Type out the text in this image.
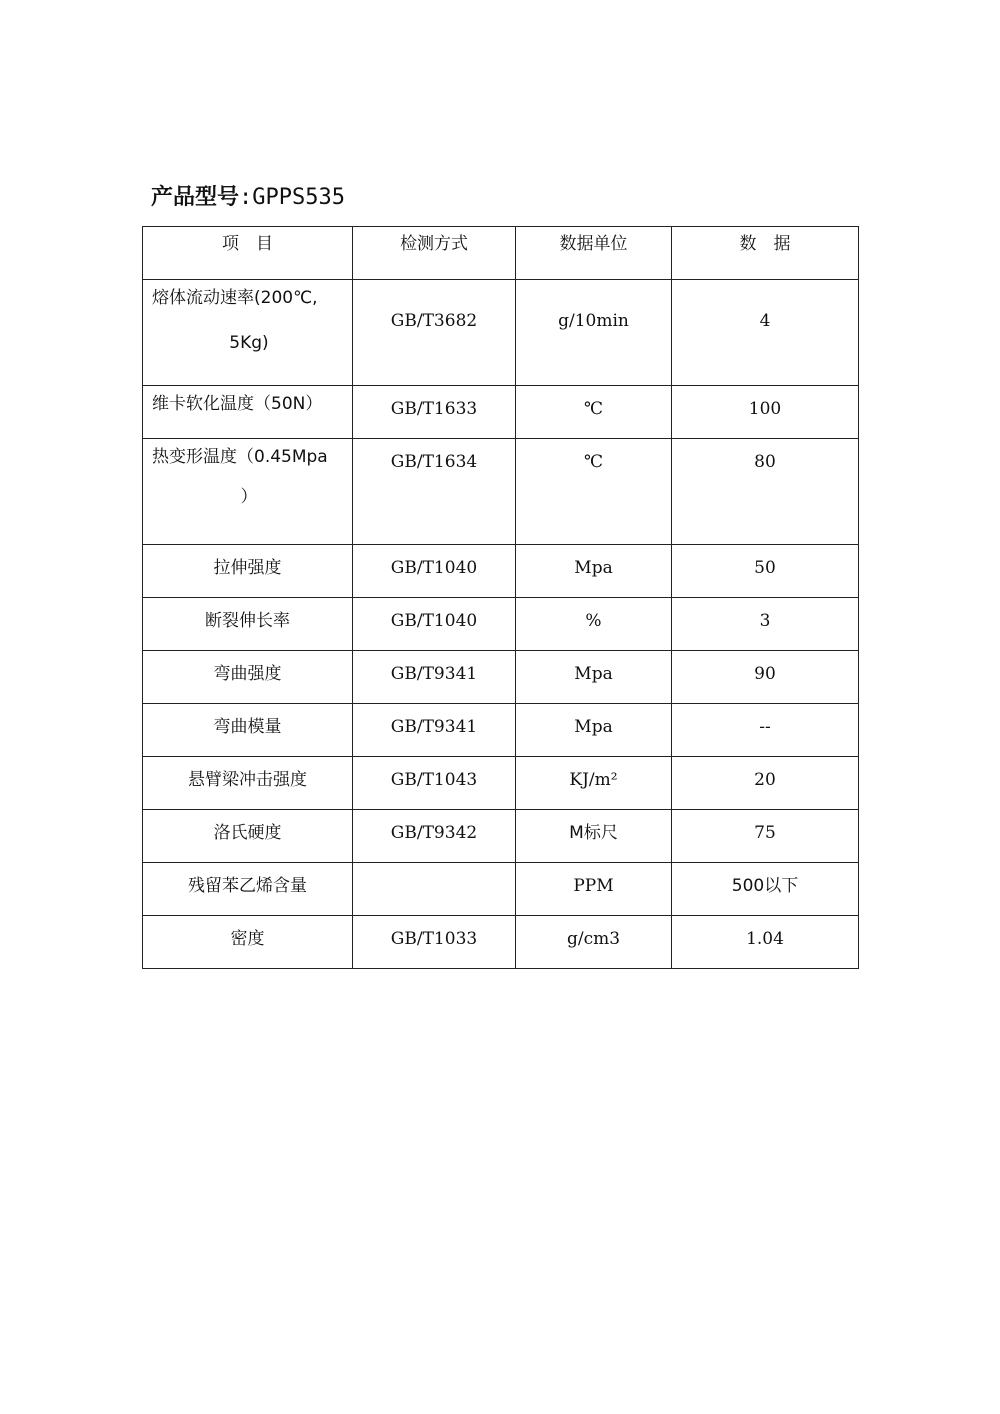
产品型号:GPPS535
项　目	检测方式	数据单位	数　据

熔体流动速率(200℃,
5Kg)	GB/T3682	g/10min	4

维卡软化温度（50N）	GB/T1633	℃	100

热变形温度（0.45Mpa
）	GB/T1634	℃	80

拉伸强度	GB/T1040	Mpa	50

断裂伸长率	GB/T1040	%	3

弯曲强度	GB/T9341	Mpa	90

弯曲模量	GB/T9341	Mpa	--

悬臂梁冲击强度	GB/T1043	KJ/m²	20

洛氏硬度	GB/T9342	M标尺	75

残留苯乙烯含量		PPM	500以下

密度	GB/T1033	g/cm3	1.04
